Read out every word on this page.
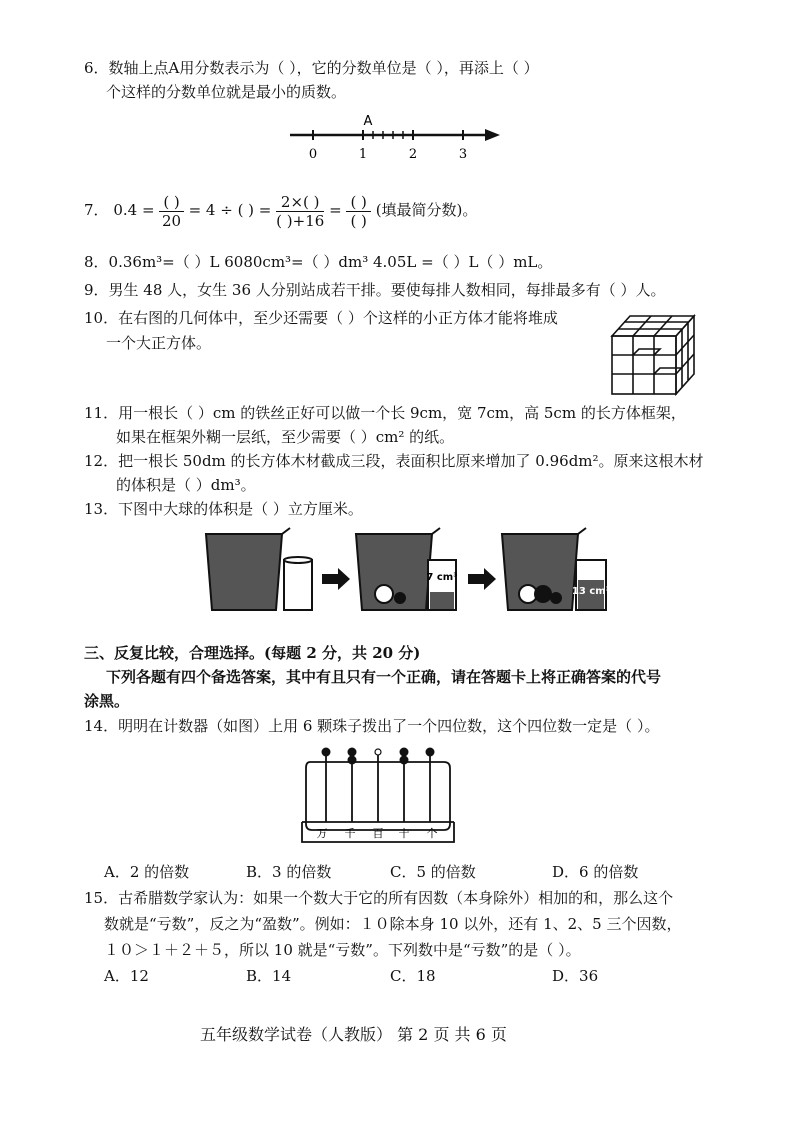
6．数轴上点A用分数表示为（ ），它的分数单位是（ ），再添上（ ）
个这样的分数单位就是最小的质数。
A
0	1	2	3
7． $0.4 = \frac{( )}{20} = 4$ ÷ ( ) = $\frac{2\times( )}{( )+16} = \frac{( )}{( )}$ (填最简分数)。
8．0.36m³=（ ）L 6080cm³=（ ）dm³ 4.05L =（ ）L（ ）mL。
9．男生 48 人，女生 36 人分别站成若干排。要使每排人数相同，每排最多有（ ）人。
10．在右图的几何体中，至少还需要（ ）个这样的小正方体才能将堆成
一个大正方体。
11．用一根长（ ）cm 的铁丝正好可以做一个长 9cm，宽 7cm，高 5cm 的长方体框架，
如果在框架外糊一层纸，至少需要（ ）cm² 的纸。
12．把一根长 50dm 的长方体木材截成三段，表面积比原来增加了 0.96dm²。原来这根木材
的体积是（ ）dm³。
13．下图中大球的体积是（ ）立方厘米。
7 cm³
13 cm³
三、反复比较，合理选择。(每题 2 分，共 20 分)
下列各题有四个备选答案，其中有且只有一个正确，请在答题卡上将正确答案的代号
涂黑。
14．明明在计数器（如图）上用 6 颗珠子拨出了一个四位数，这个四位数一定是（ ）。
万 千 百 十 个
A．2 的倍数	B．3 的倍数	C．5 的倍数	D．6 的倍数
15．古希腊数学家认为：如果一个数大于它的所有因数（本身除外）相加的和，那么这个
数就是“亏数”，反之为“盈数”。例如：１０除本身 10 以外，还有 1、2、5 三个因数，
１０＞１＋２＋５，所以 10 就是“亏数”。下列数中是“亏数”的是（ ）。
A．12	B．14	C．18	D．36
五年级数学试卷（人教版） 第 2 页 共 6 页
